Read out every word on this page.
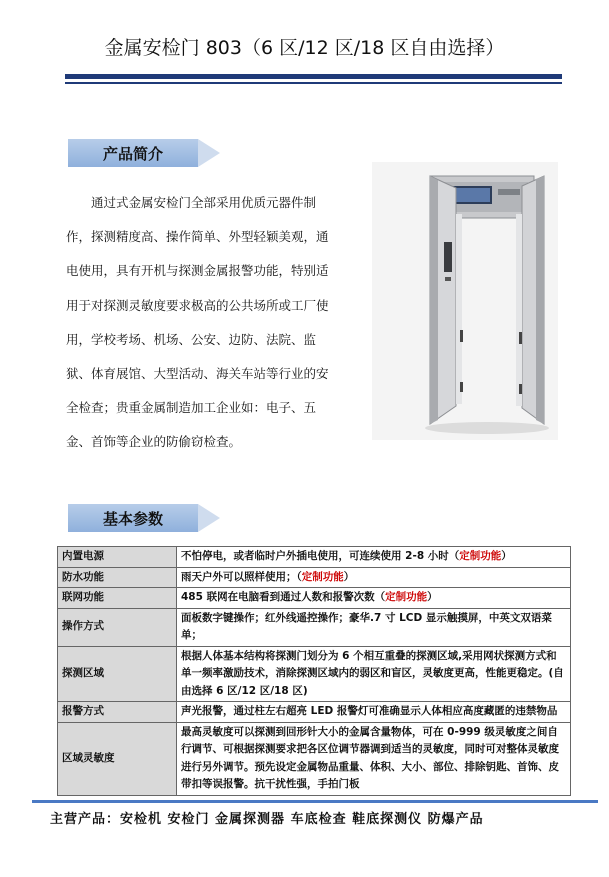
金属安检门 803（6 区/12 区/18 区自由选择）
产品简介

通过式金属安检门全部采用优质元器件制作，探测精度高、操作简单、外型轻颖美观，通电使用，具有开机与探测金属报警功能，特别适用于对探测灵敏度要求极高的公共场所或工厂使用，学校考场、机场、公安、边防、法院、监狱、体育展馆、大型活动、海关车站等行业的安全检查；贵重金属制造加工企业如：电子、五金、首饰等企业的防偷窃检查。

基本参数
内置电源	不怕停电，或者临时户外插电使用，可连续使用 2-8 小时（定制功能）
防水功能	雨天户外可以照样使用；（定制功能）
联网功能	485 联网在电脑看到通过人数和报警次数（定制功能）
操作方式	面板数字键操作；红外线遥控操作；豪华.7 寸 LCD 显示触摸屏，中英文双语菜单；
探测区域	根据人体基本结构将探测门划分为 6 个相互重叠的探测区域,采用网状探测方式和单一频率激励技术，消除探测区域内的弱区和盲区，灵敏度更高，性能更稳定。(自由选择 6 区/12 区/18 区)
报警方式	声光报警，通过柱左右超亮 LED 报警灯可准确显示人体相应高度藏匿的违禁物品
区域灵敏度	最高灵敏度可以探测到回形针大小的金属含量物体，可在 0-999 级灵敏度之间自行调节、可根据探测要求把各区位调节器调到适当的灵敏度，同时可对整体灵敏度进行另外调节。预先设定金属物品重量、体积、大小、部位、排除钥匙、首饰、皮带扣等误报警。抗干扰性强，手拍门板
主营产品：安检机 安检门 金属探测器 车底检查 鞋底探测仪 防爆产品
